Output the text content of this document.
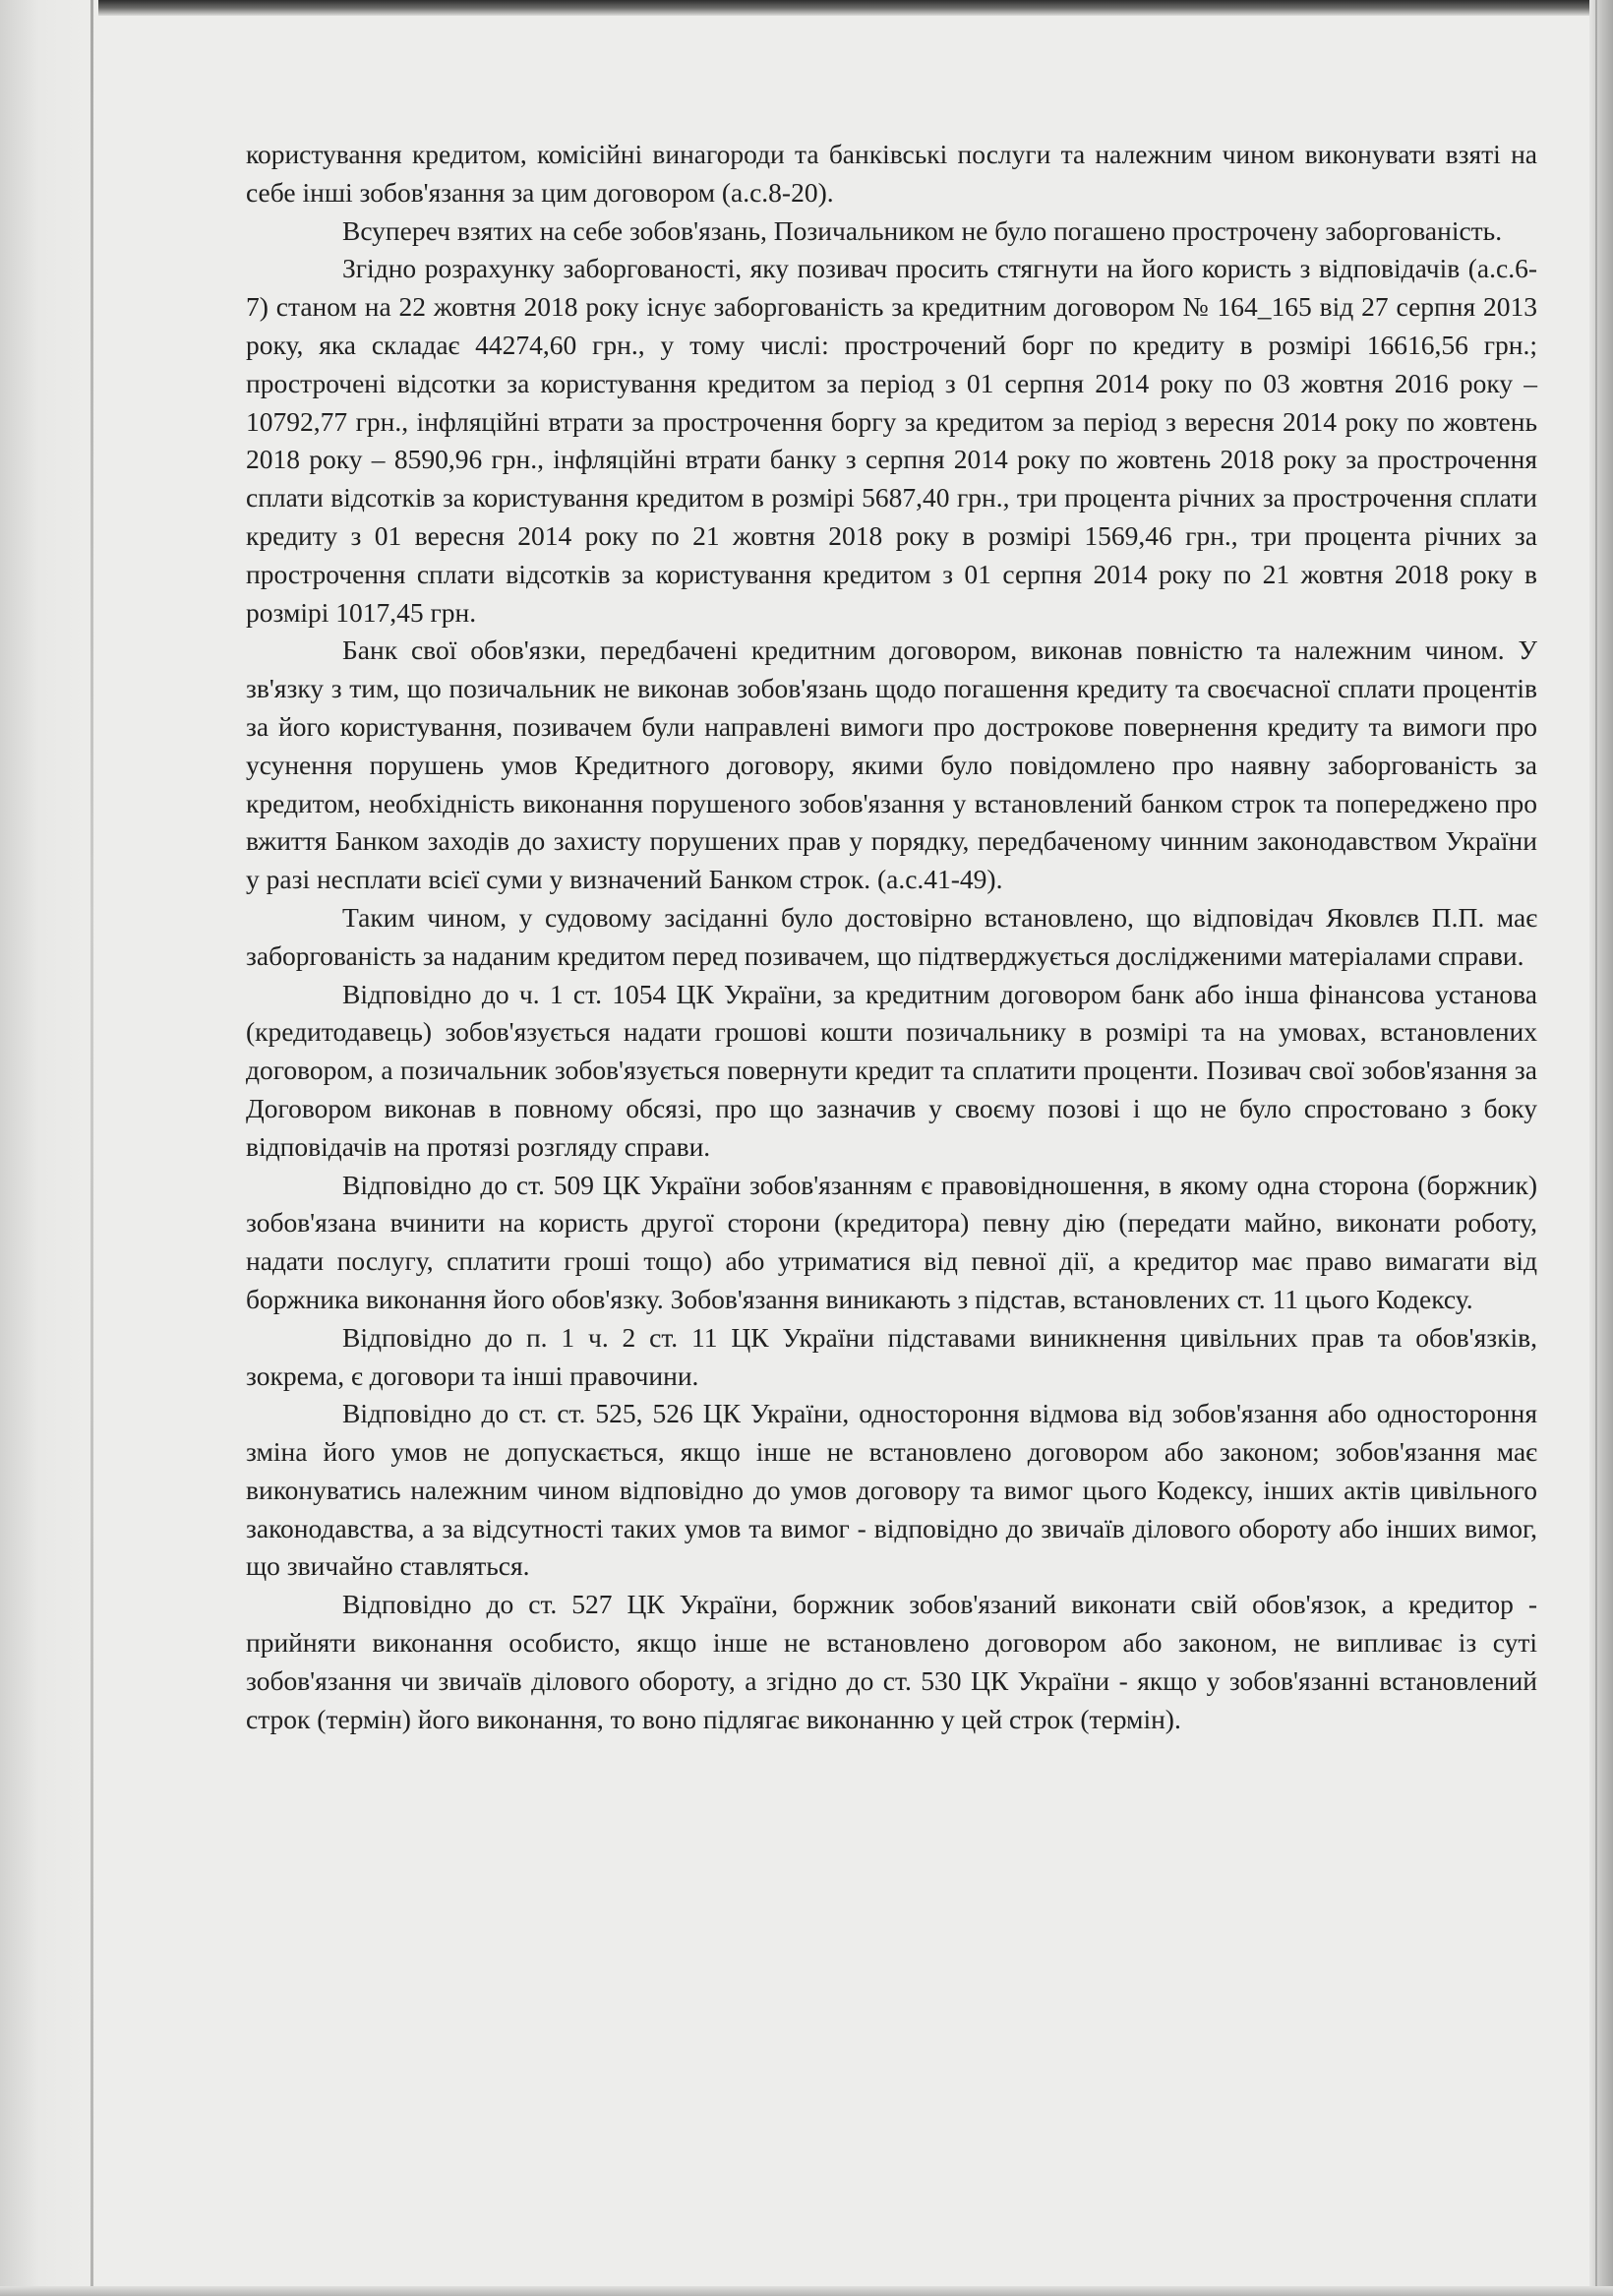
користування кредитом, комісійні винагороди та банківські послуги та належним чином виконувати взяті на себе інші зобов'язання за цим договором (а.с.8-20).

Всупереч взятих на себе зобов'язань, Позичальником не було погашено прострочену заборгованість.

Згідно розрахунку заборгованості, яку позивач просить стягнути на його користь з відповідачів (а.с.6-7) станом на 22 жовтня 2018 року існує заборгованість за кредитним договором № 164_165 від 27 серпня 2013 року, яка складає 44274,60 грн., у тому числі: прострочений борг по кредиту в розмірі 16616,56 грн.; прострочені відсотки за користування кредитом за період з 01 серпня 2014 року по 03 жовтня 2016 року – 10792,77 грн., інфляційні втрати за прострочення боргу за кредитом за період з вересня 2014 року по жовтень 2018 року – 8590,96 грн., інфляційні втрати банку з серпня 2014 року по жовтень 2018 року за прострочення сплати відсотків за користування кредитом в розмірі 5687,40 грн., три процента річних за прострочення сплати кредиту з 01 вересня 2014 року по 21 жовтня 2018 року в розмірі 1569,46 грн., три процента річних за прострочення сплати відсотків за користування кредитом з 01 серпня 2014 року по 21 жовтня 2018 року в розмірі 1017,45 грн.

Банк свої обов'язки, передбачені кредитним договором, виконав повністю та належним чином. У зв'язку з тим, що позичальник не виконав зобов'язань щодо погашення кредиту та своєчасної сплати процентів за його користування, позивачем були направлені вимоги про дострокове повернення кредиту та вимоги про усунення порушень умов Кредитного договору, якими було повідомлено про наявну заборгованість за кредитом, необхідність виконання порушеного зобов'язання у встановлений банком строк та попереджено про вжиття Банком заходів до захисту порушених прав у порядку, передбаченому чинним законодавством України у разі несплати всієї суми у визначений Банком строк. (а.с.41-49).

Таким чином, у судовому засіданні було достовірно встановлено, що відповідач Яковлєв П.П. має заборгованість за наданим кредитом перед позивачем, що підтверджується дослідженими матеріалами справи.

Відповідно до ч. 1 ст. 1054 ЦК України, за кредитним договором банк або інша фінансова установа (кредитодавець) зобов'язується надати грошові кошти позичальнику в розмірі та на умовах, встановлених договором, а позичальник зобов'язується повернути кредит та сплатити проценти. Позивач свої зобов'язання за Договором виконав в повному обсязі, про що зазначив у своєму позові і що не було спростовано з боку відповідачів на протязі розгляду справи.

Відповідно до ст. 509 ЦК України зобов'язанням є правовідношення, в якому одна сторона (боржник) зобов'язана вчинити на користь другої сторони (кредитора) певну дію (передати майно, виконати роботу, надати послугу, сплатити гроші тощо) або утриматися від певної дії, а кредитор має право вимагати від боржника виконання його обов'язку. Зобов'язання виникають з підстав, встановлених ст. 11 цього Кодексу.

Відповідно до п. 1 ч. 2 ст. 11 ЦК України підставами виникнення цивільних прав та обов'язків, зокрема, є договори та інші правочини.

Відповідно до ст. ст. 525, 526 ЦК України, одностороння відмова від зобов'язання або одностороння зміна його умов не допускається, якщо інше не встановлено договором або законом; зобов'язання має виконуватись належним чином відповідно до умов договору та вимог цього Кодексу, інших актів цивільного законодавства, а за відсутності таких умов та вимог - відповідно до звичаїв ділового обороту або інших вимог, що звичайно ставляться.

Відповідно до ст. 527 ЦК України, боржник зобов'язаний виконати свій обов'язок, а кредитор - прийняти виконання особисто, якщо інше не встановлено договором або законом, не випливає із суті зобов'язання чи звичаїв ділового обороту, а згідно до ст. 530 ЦК України - якщо у зобов'язанні встановлений строк (термін) його виконання, то воно підлягає виконанню у цей строк (термін).
